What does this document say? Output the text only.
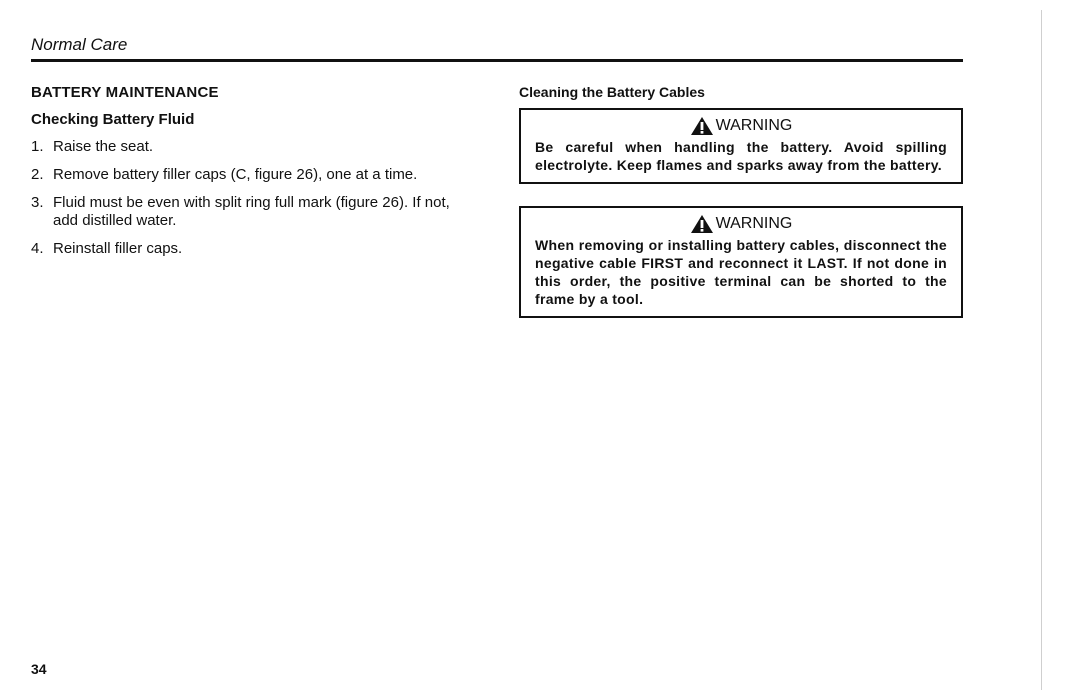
Normal Care
BATTERY MAINTENANCE
Checking Battery Fluid
1. Raise the seat.
2. Remove battery filler caps (C, figure 26), one at a time.
3. Fluid must be even with split ring full mark (figure 26). If not, add distilled water.
4. Reinstall filler caps.
Cleaning the Battery Cables
WARNING
Be careful when handling the battery. Avoid spilling electrolyte. Keep flames and sparks away from the battery.
WARNING
When removing or installing battery cables, disconnect the negative cable FIRST and reconnect it LAST. If not done in this order, the positive terminal can be shorted to the frame by a tool.
34
